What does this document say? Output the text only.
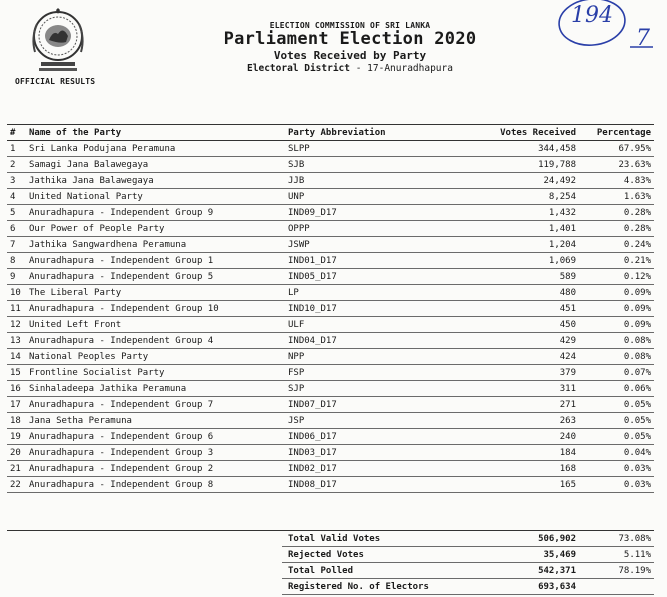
OFFICIAL RESULTS
ELECTION COMMISSION OF SRI LANKA
Parliament Election 2020
Votes Received by Party
Electoral District - 17-Anuradhapura
194
7
#	Name of the Party	Party Abbreviation	Votes Received	Percentage
1	Sri Lanka Podujana Peramuna	SLPP	344,458	67.95%
2	Samagi Jana Balawegaya	SJB	119,788	23.63%
3	Jathika Jana Balawegaya	JJB	24,492	4.83%
4	United National Party	UNP	8,254	1.63%
5	Anuradhapura - Independent Group 9	IND09_D17	1,432	0.28%
6	Our Power of People Party	OPPP	1,401	0.28%
7	Jathika Sangwardhena Peramuna	JSWP	1,204	0.24%
8	Anuradhapura - Independent Group 1	IND01_D17	1,069	0.21%
9	Anuradhapura - Independent Group 5	IND05_D17	589	0.12%
10	The Liberal Party	LP	480	0.09%
11	Anuradhapura - Independent Group 10	IND10_D17	451	0.09%
12	United Left Front	ULF	450	0.09%
13	Anuradhapura - Independent Group 4	IND04_D17	429	0.08%
14	National Peoples Party	NPP	424	0.08%
15	Frontline Socialist Party	FSP	379	0.07%
16	Sinhaladeepa Jathika Peramuna	SJP	311	0.06%
17	Anuradhapura - Independent Group 7	IND07_D17	271	0.05%
18	Jana Setha Peramuna	JSP	263	0.05%
19	Anuradhapura - Independent Group 6	IND06_D17	240	0.05%
20	Anuradhapura - Independent Group 3	IND03_D17	184	0.04%
21	Anuradhapura - Independent Group 2	IND02_D17	168	0.03%
22	Anuradhapura - Independent Group 8	IND08_D17	165	0.03%
	Total Valid Votes	506,902	73.08%
	Rejected Votes	35,469	5.11%
	Total Polled	542,371	78.19%
	Registered No. of Electors	693,634	
